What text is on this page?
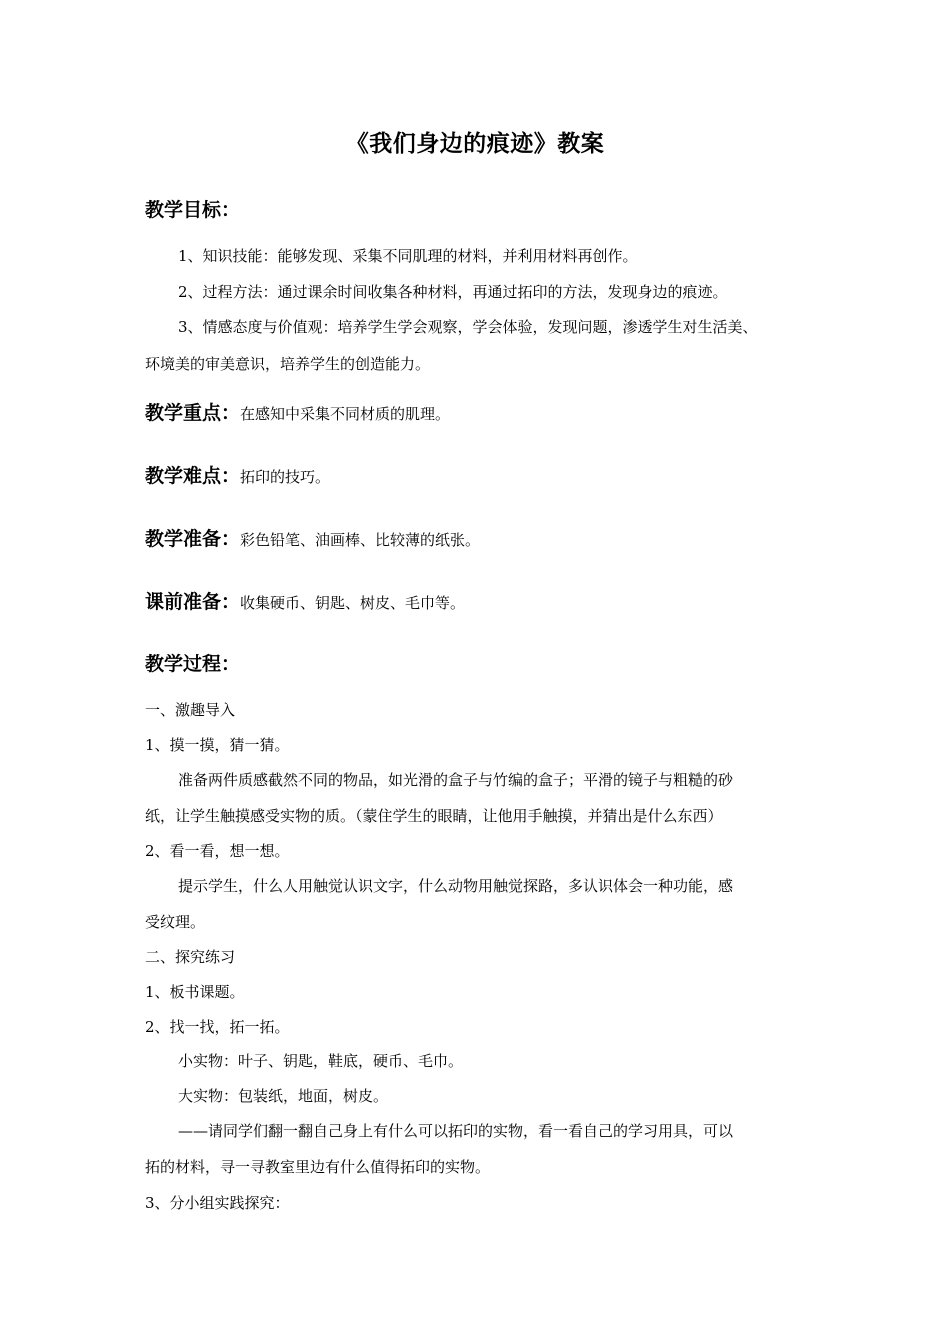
《我们身边的痕迹》教案
教学目标：
1、知识技能：能够发现、采集不同肌理的材料，并利用材料再创作。
2、过程方法：通过课余时间收集各种材料，再通过拓印的方法，发现身边的痕迹。
3、情感态度与价值观：培养学生学会观察，学会体验，发现问题，渗透学生对生活美、
环境美的审美意识，培养学生的创造能力。
教学重点：在感知中采集不同材质的肌理。
教学难点：拓印的技巧。
教学准备：彩色铅笔、油画棒、比较薄的纸张。
课前准备：收集硬币、钥匙、树皮、毛巾等。
教学过程：
一、激趣导入
1、摸一摸，猜一猜。
准备两件质感截然不同的物品，如光滑的盒子与竹编的盒子；平滑的镜子与粗糙的砂
纸，让学生触摸感受实物的质。（蒙住学生的眼睛，让他用手触摸，并猜出是什么东西）
2、看一看，想一想。
提示学生，什么人用触觉认识文字，什么动物用触觉探路，多认识体会一种功能，感
受纹理。
二、探究练习
1、板书课题。
2、找一找，拓一拓。
小实物：叶子、钥匙，鞋底，硬币、毛巾。
大实物：包装纸，地面，树皮。
——请同学们翻一翻自己身上有什么可以拓印的实物，看一看自己的学习用具，可以
拓的材料，寻一寻教室里边有什么值得拓印的实物。
3、分小组实践探究：
